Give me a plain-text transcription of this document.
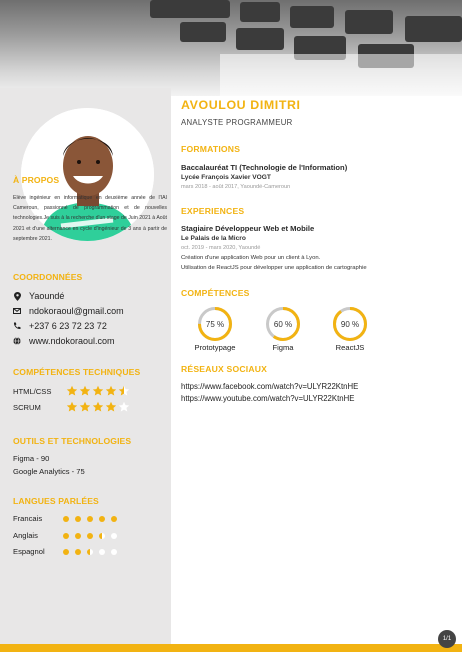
À PROPOS

Elève ingénieur en informatique en deuxième année de l'IAI Cameroun, passionné de programmation et de nouvelles technologies.Je suis à la recherche d'un stage de Juin 2021 à Août 2021 et d'une alternance en cycle d'ingénieur de 3 ans à partir de septembre 2021.

COORDONNÉES
Yaoundé
ndokoraoul@gmail.com
+237 6 23 72 23 72
www.ndokoraoul.com
COMPÉTENCES TECHNIQUES
HTML/CSS
SCRUM
OUTILS ET TECHNOLOGIES
Figma - 90
Google Analytics - 75
LANGUES PARLÉES
Francais
Anglais
Espagnol
AVOULOU DIMITRI
ANALYSTE PROGRAMMEUR
FORMATIONS
Baccalauréat TI (Technologie de l'Information)
Lycée François Xavier VOGT
mars 2018 - août 2017, Yaoundé-Cameroun
EXPERIENCES
Stagiaire Développeur Web et Mobile
Le Palais de la Micro
oct. 2019 - mars 2020, Yaoundé
Création d'une application Web pour un client à Lyon.
Utilisation de ReactJS pour développer une application de cartographie
COMPÉTENCES
75 %
Prototypage
60 %
Figma
90 %
ReactJS
RÉSEAUX SOCIAUX
https://www.facebook.com/watch?v=ULYR22KtnHE
https://www.youtube.com/watch?v=ULYR22KtnHE
1/1
